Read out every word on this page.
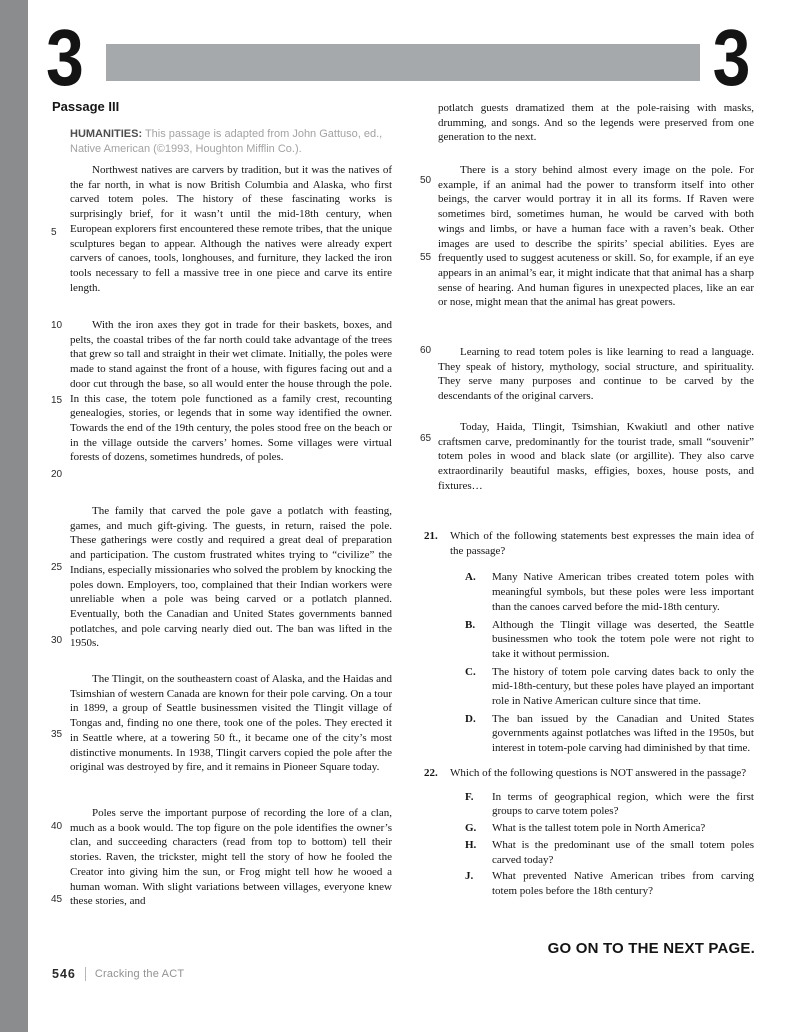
3	3
Passage III
HUMANITIES: This passage is adapted from John Gattuso, ed., Native American (©1993, Houghton Mifflin Co.).
Northwest natives are carvers by tradition, but it was the natives of the far north, in what is now British Columbia and Alaska, who first carved totem poles. The history of these fascinating works is surprisingly brief, for it wasn’t until the mid-18th century, when European explorers first encountered these remote tribes, that the unique sculptures began to appear. Although the natives were already expert carvers of canoes, tools, longhouses, and furniture, they lacked the iron tools necessary to fell a massive tree in one piece and carve its entire length.
With the iron axes they got in trade for their baskets, boxes, and pelts, the coastal tribes of the far north could take advantage of the trees that grew so tall and straight in their wet climate. Initially, the poles were made to stand against the front of a house, with figures facing out and a door cut through the base, so all would enter the house through the pole. In this case, the totem pole functioned as a family crest, recounting genealogies, stories, or legends that in some way identified the owner. Towards the end of the 19th century, the poles stood free on the beach or in the village outside the carvers’ homes. Some villages were virtual forests of dozens, sometimes hundreds, of poles.
The family that carved the pole gave a potlatch with feasting, games, and much gift-giving. The guests, in return, raised the pole. These gatherings were costly and required a great deal of preparation and participation. The custom frustrated whites trying to “civilize” the Indians, especially missionaries who solved the problem by knocking the poles down. Employers, too, complained that their Indian workers were unreliable when a pole was being carved or a potlatch planned. Eventually, both the Canadian and United States governments banned potlatches, and pole carving nearly died out. The ban was lifted in the 1950s.
The Tlingit, on the southeastern coast of Alaska, and the Haidas and Tsimshian of western Canada are known for their pole carving. On a tour in 1899, a group of Seattle businessmen visited the Tlingit village of Tongas and, finding no one there, took one of the poles. They erected it in Seattle where, at a towering 50 ft., it became one of the city’s most distinctive monuments. In 1938, Tlingit carvers copied the pole after the original was destroyed by fire, and it remains in Pioneer Square today.
Poles serve the important purpose of recording the lore of a clan, much as a book would. The top figure on the pole identifies the owner’s clan, and succeeding characters (read from top to bottom) tell their stories. Raven, the trickster, might tell the story of how he fooled the Creator into giving him the sun, or Frog might tell how he wooed a human woman. With slight variations between villages, everyone knew these stories, and
5
10
15
20
25
30
35
40
45
potlatch guests dramatized them at the pole-raising with masks, drumming, and songs. And so the legends were preserved from one generation to the next.
There is a story behind almost every image on the pole. For example, if an animal had the power to transform itself into other beings, the carver would portray it in all its forms. If Raven were sometimes bird, sometimes human, he would be carved with both wings and limbs, or have a human face with a raven’s beak. Other images are used to describe the spirits’ special abilities. Eyes are frequently used to suggest acuteness or skill. So, for example, if an eye appears in an animal’s ear, it might indicate that that animal has a sharp sense of hearing. And human figures in unexpected places, like an ear or nose, might mean that the animal has great powers.
Learning to read totem poles is like learning to read a language. They speak of history, mythology, social structure, and spirituality. They serve many purposes and continue to be carved by the descendants of the original carvers.
Today, Haida, Tlingit, Tsimshian, Kwakiutl and other native craftsmen carve, predominantly for the tourist trade, small “souvenir” totem poles in wood and black slate (or argillite). They also carve extraordinarily beautiful masks, effigies, boxes, house posts, and fixtures…
50
55
60
65
21.	Which of the following statements best expresses the main idea of the passage?
A.	Many Native American tribes created totem poles with meaningful symbols, but these poles were less important than the canoes carved before the mid-18th century.
B.	Although the Tlingit village was deserted, the Seattle businessmen who took the totem pole were not right to take it without permission.
C.	The history of totem pole carving dates back to only the mid-18th-century, but these poles have played an important role in Native American culture since that time.
D.	The ban issued by the Canadian and United States governments against potlatches was lifted in the 1950s, but interest in totem-pole carving had diminished by that time.
22.	Which of the following questions is NOT answered in the passage?
F.	In terms of geographical region, which were the first groups to carve totem poles?
G.	What is the tallest totem pole in North America?
H.	What is the predominant use of the small totem poles carved today?
J.	What prevented Native American tribes from carving totem poles before the 18th century?
GO ON TO THE NEXT PAGE.
546 Cracking the ACT
